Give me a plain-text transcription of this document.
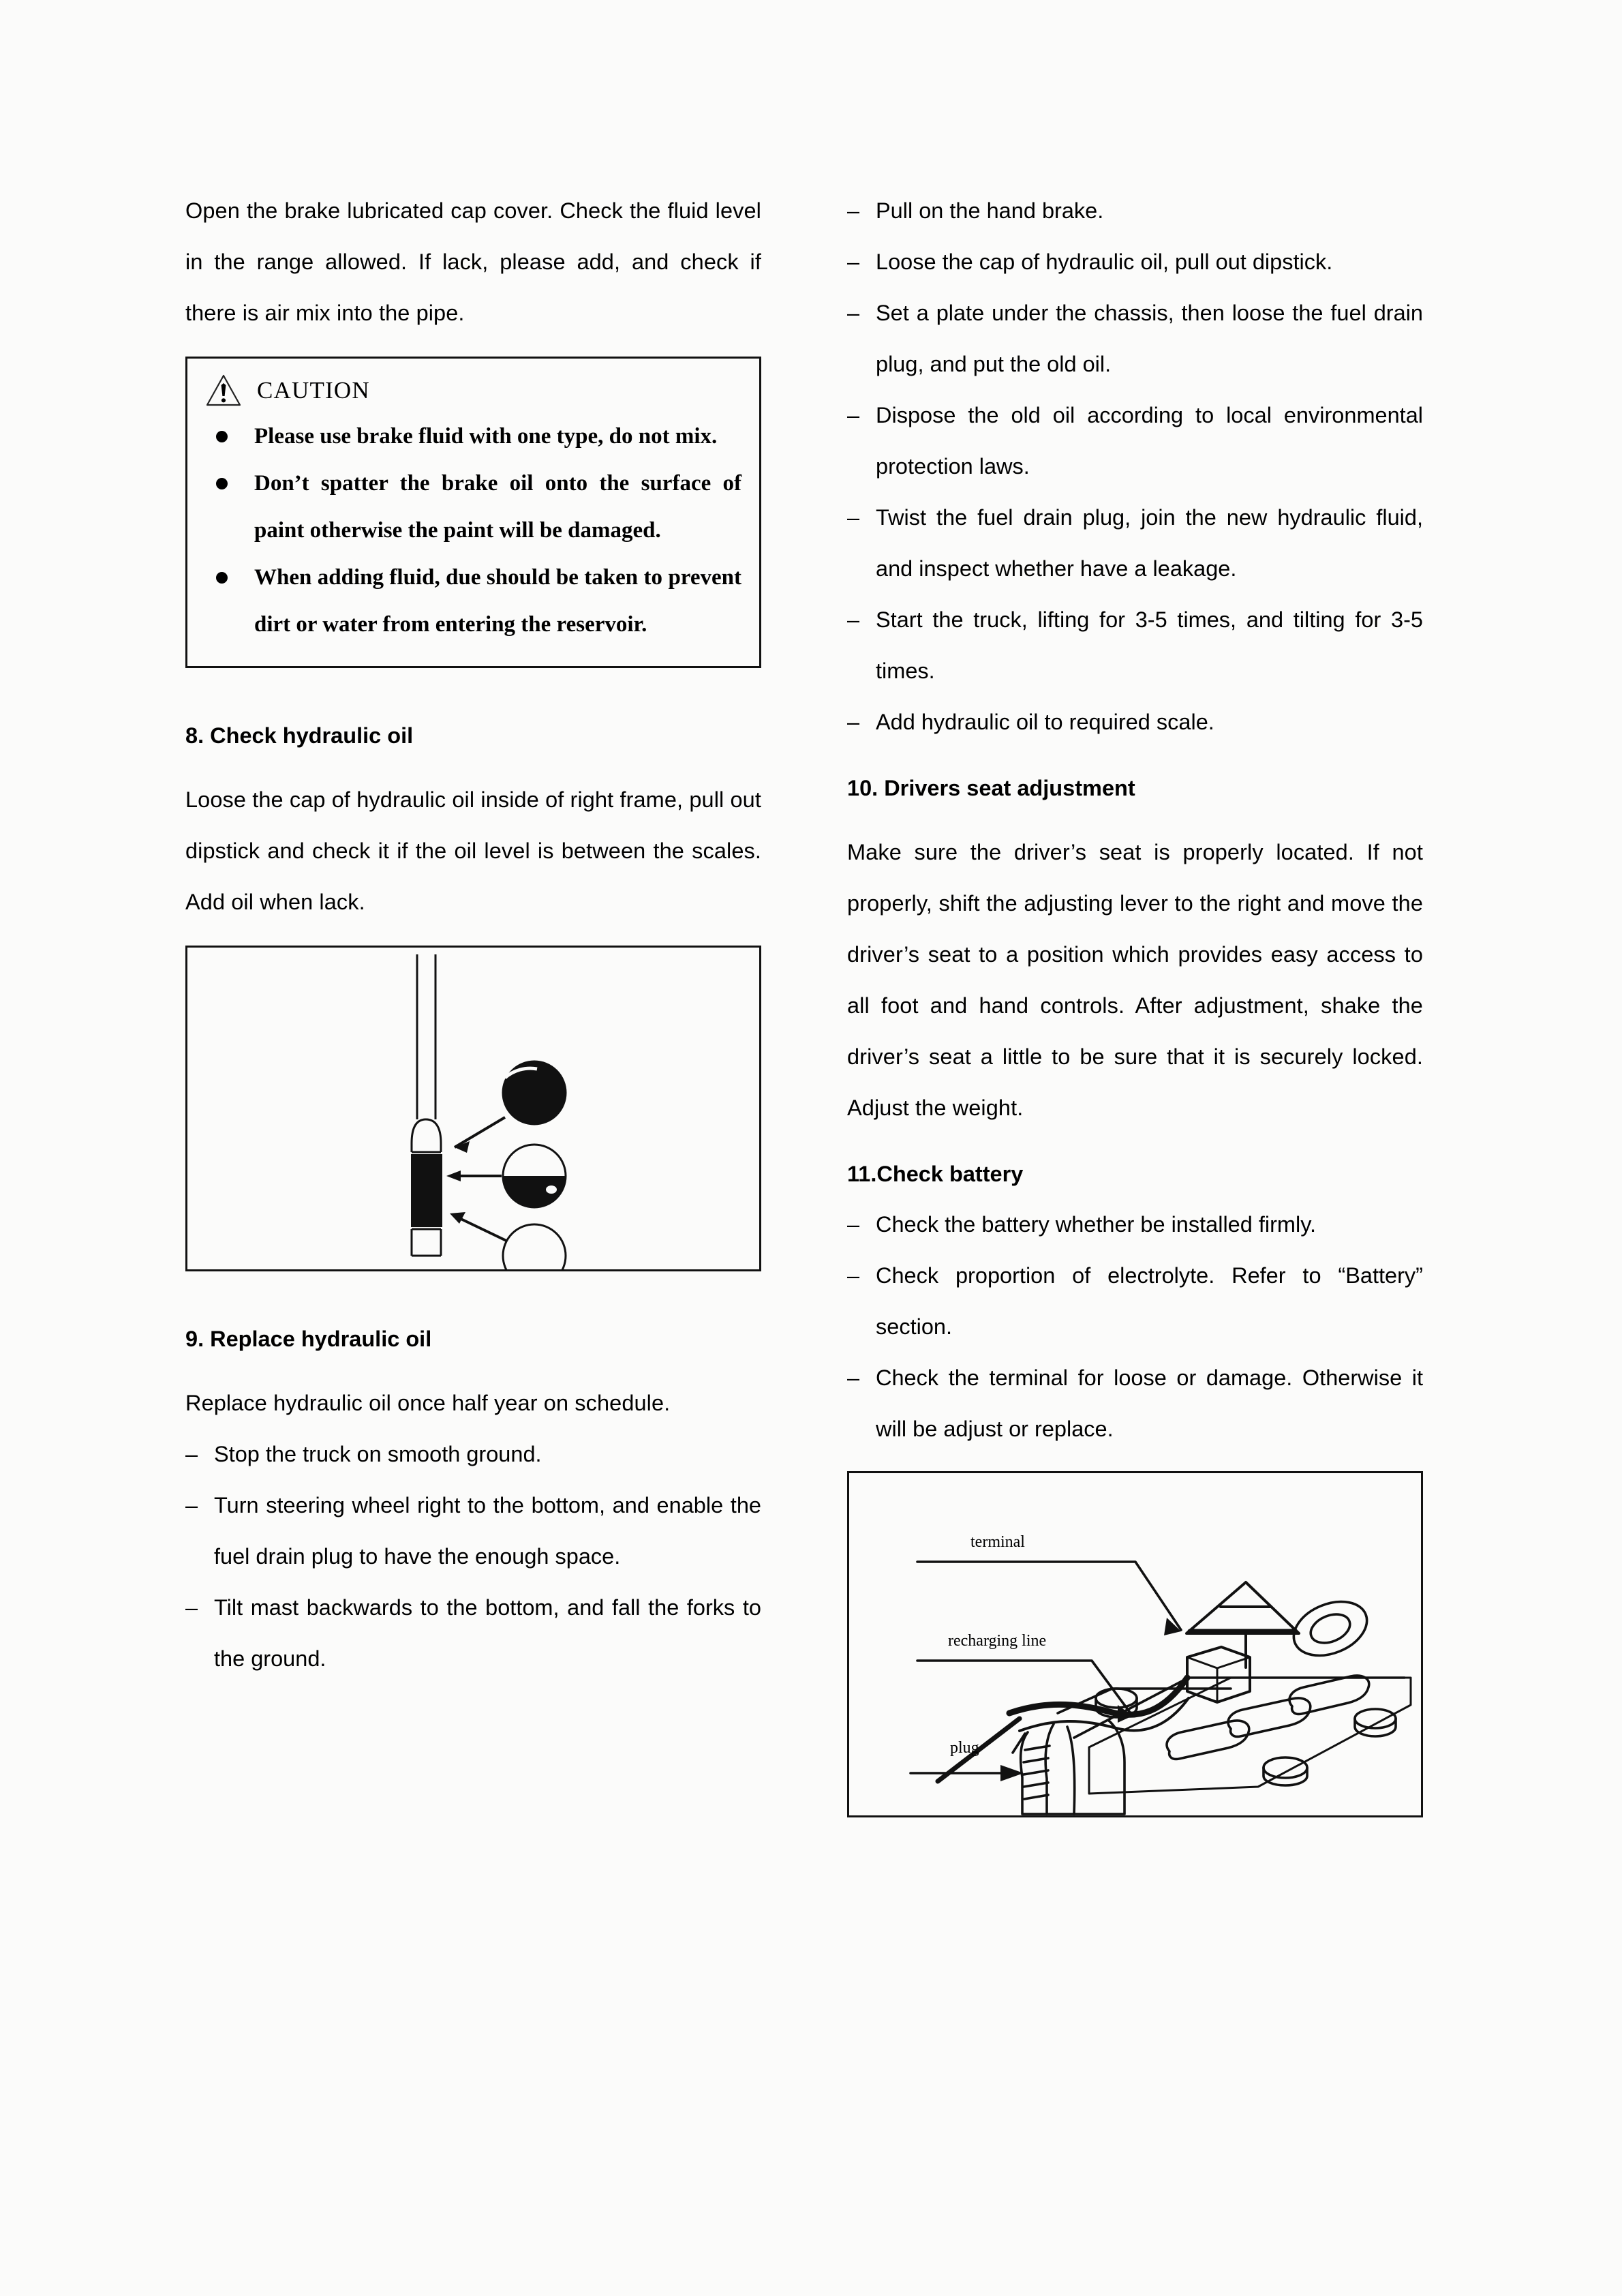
Open the brake lubricated cap cover. Check the fluid level in the range allowed. If lack, please add, and check if there is air mix into the pipe.

CAUTION
Please use brake fluid with one type, do not mix.
Don’t spatter the brake oil onto the surface of paint otherwise the paint will be damaged.
When adding fluid, due should be taken to prevent dirt or water from entering the reservoir.
8. Check hydraulic oil

Loose the cap of hydraulic oil inside of right frame, pull out dipstick and check it if the oil level is between the scales. Add oil when lack.

9. Replace hydraulic oil

Replace hydraulic oil once half year on schedule.

– Stop the truck on smooth ground.
– Turn steering wheel right to the bottom, and enable the fuel drain plug to have the enough space.
– Tilt mast backwards to the bottom, and fall the forks to the ground.
– Pull on the hand brake.
– Loose the cap of hydraulic oil, pull out dipstick.
– Set a plate under the chassis, then loose the fuel drain plug, and put the old oil.
– Dispose the old oil according to local environmental protection laws.
– Twist the fuel drain plug, join the new hydraulic fluid, and inspect whether have a leakage.
– Start the truck, lifting for 3-5 times, and tilting for 3-5 times.
– Add hydraulic oil to required scale.
10. Drivers seat adjustment

Make sure the driver’s seat is properly located. If not properly, shift the adjusting lever to the right and move the driver’s seat to a position which provides easy access to all foot and hand controls. After adjustment, shake the driver’s seat a little to be sure that it is securely locked. Adjust the weight.

11.Check battery
– Check the battery whether be installed firmly.
– Check proportion of electrolyte. Refer to “Battery” section.
– Check the terminal for loose or damage. Otherwise it will be adjust or replace.
terminal
recharging line
plug
